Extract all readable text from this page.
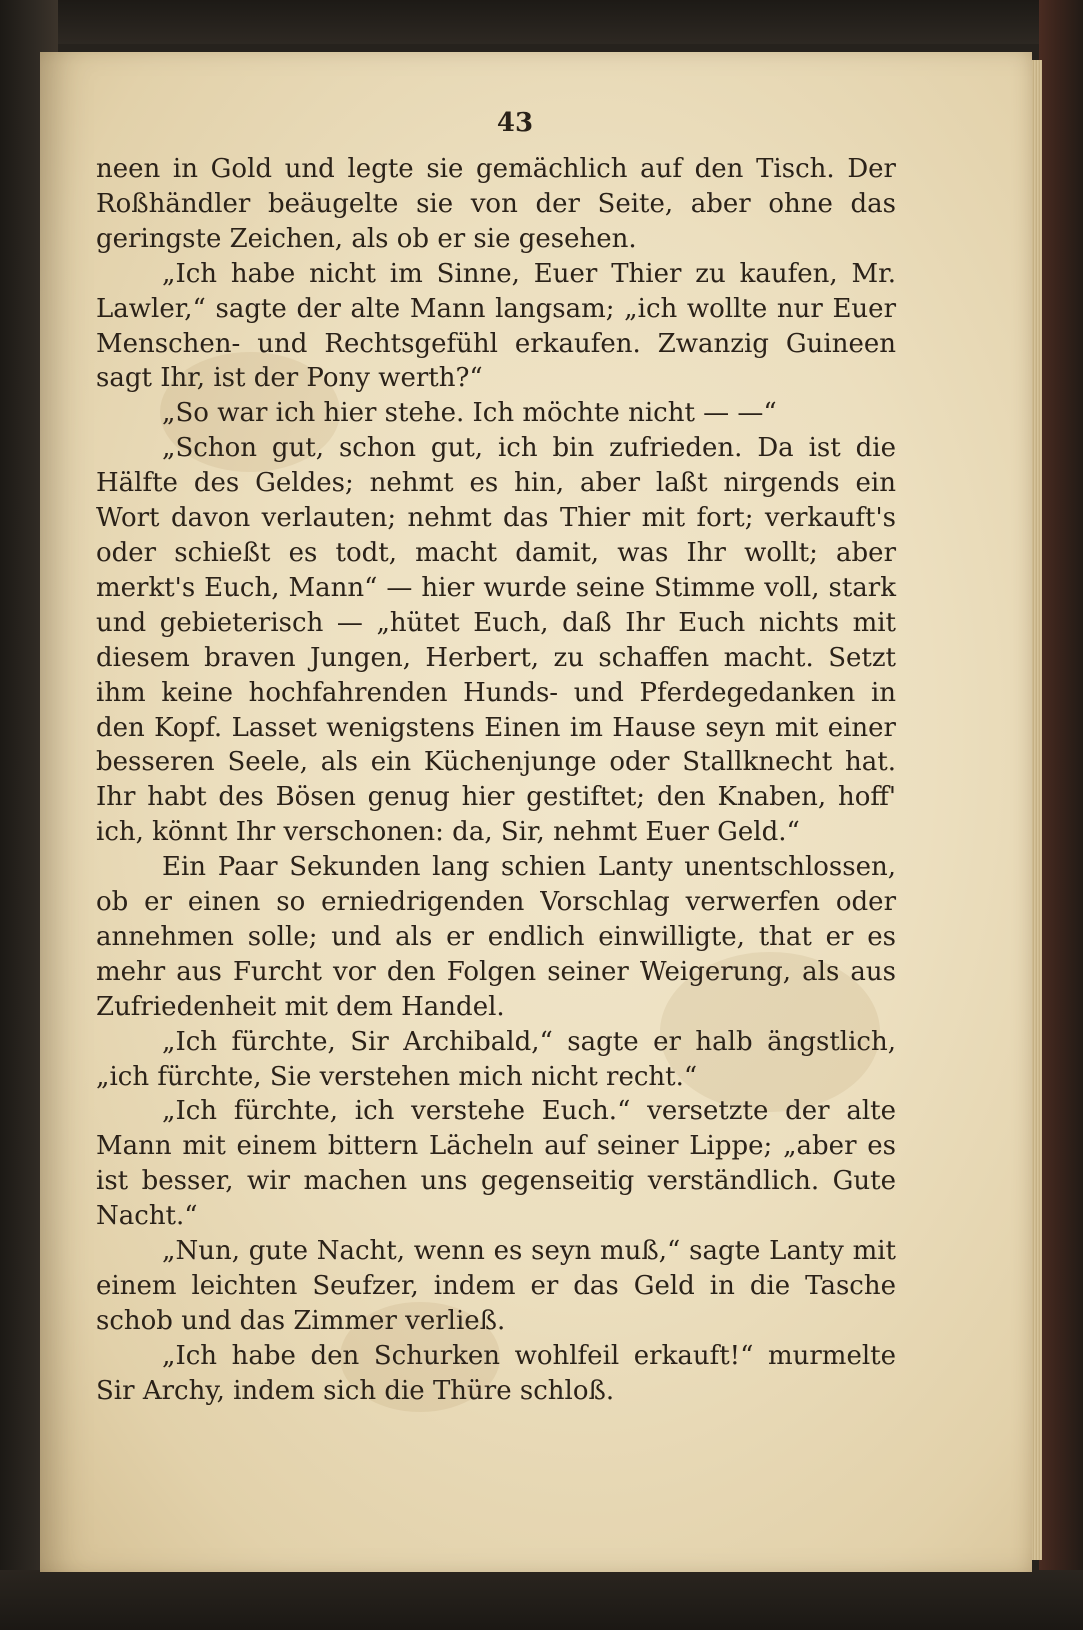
43

neen in Gold und legte sie gemächlich auf den Tisch. Der Roßhändler beäugelte sie von der Seite, aber ohne das geringste Zeichen, als ob er sie gesehen.

„Ich habe nicht im Sinne, Euer Thier zu kaufen, Mr. Lawler,“ sagte der alte Mann langsam; „ich wollte nur Euer Menschen- und Rechtsgefühl erkaufen. Zwanzig Guineen sagt Ihr, ist der Pony werth?“

„So war ich hier stehe. Ich möchte nicht — —“

„Schon gut, schon gut, ich bin zufrieden. Da ist die Hälfte des Geldes; nehmt es hin, aber laßt nirgends ein Wort davon verlauten; nehmt das Thier mit fort; verkauft's oder schießt es todt, macht damit, was Ihr wollt; aber merkt's Euch, Mann“ — hier wurde seine Stimme voll, stark und gebieterisch — „hütet Euch, daß Ihr Euch nichts mit diesem braven Jungen, Herbert, zu schaffen macht. Setzt ihm keine hochfahrenden Hunds- und Pferdegedanken in den Kopf. Lasset wenigstens Einen im Hause seyn mit einer besseren Seele, als ein Küchenjunge oder Stallknecht hat. Ihr habt des Bösen genug hier gestiftet; den Knaben, hoff' ich, könnt Ihr verschonen: da, Sir, nehmt Euer Geld.“

Ein Paar Sekunden lang schien Lanty unentschlossen, ob er einen so erniedrigenden Vorschlag verwerfen oder annehmen solle; und als er endlich einwilligte, that er es mehr aus Furcht vor den Folgen seiner Weigerung, als aus Zufriedenheit mit dem Handel.

„Ich fürchte, Sir Archibald,“ sagte er halb ängstlich, „ich fürchte, Sie verstehen mich nicht recht.“

„Ich fürchte, ich verstehe Euch.“ versetzte der alte Mann mit einem bittern Lächeln auf seiner Lippe; „aber es ist besser, wir machen uns gegenseitig verständlich. Gute Nacht.“

„Nun, gute Nacht, wenn es seyn muß,“ sagte Lanty mit einem leichten Seufzer, indem er das Geld in die Tasche schob und das Zimmer verließ.

„Ich habe den Schurken wohlfeil erkauft!“ murmelte Sir Archy, indem sich die Thüre schloß.
